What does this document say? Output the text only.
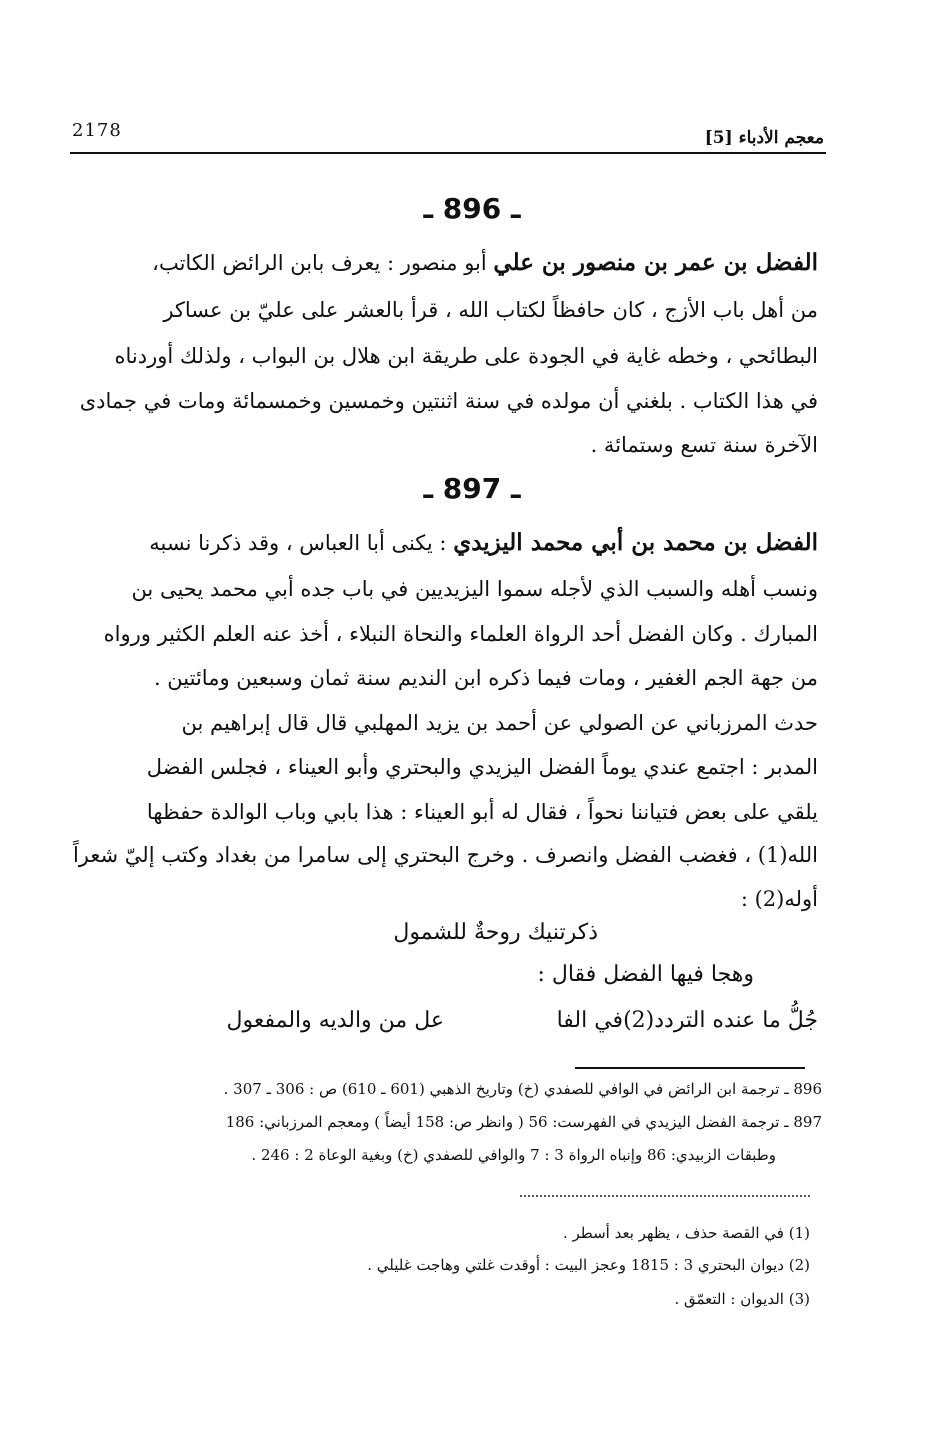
معجم الأدباء [5]
2178
ـ 896 ـ
الفضل بن عمر بن منصور بن علي أبو منصور : يعرف بابن الرائض الكاتب،
من أهل باب الأزج ، كان حافظاً لكتاب الله ، قرأ بالعشر على عليّ بن عساكر
البطائحي ، وخطه غاية في الجودة على طريقة ابن هلال بن البواب ، ولذلك أوردناه
في هذا الكتاب . بلغني أن مولده في سنة اثنتين وخمسين وخمسمائة ومات في جمادى
الآخرة سنة تسع وستمائة .
ـ 897 ـ
الفضل بن محمد بن أبي محمد اليزيدي : يكنى أبا العباس ، وقد ذكرنا نسبه
ونسب أهله والسبب الذي لأجله سموا اليزيديين في باب جده أبي محمد يحيى بن
المبارك . وكان الفضل أحد الرواة العلماء والنحاة النبلاء ، أخذ عنه العلم الكثير ورواه
من جهة الجم الغفير ، ومات فيما ذكره ابن النديم سنة ثمان وسبعين ومائتين .
حدث المرزباني عن الصولي عن أحمد بن يزيد المهلبي قال قال إبراهيم بن
المدبر : اجتمع عندي يوماً الفضل اليزيدي والبحتري وأبو العيناء ، فجلس الفضل
يلقي على بعض فتياننا نحواً ، فقال له أبو العيناء : هذا بابي وباب الوالدة حفظها
الله(1) ، فغضب الفضل وانصرف . وخرج البحتري إلى سامرا من بغداد وكتب إليّ شعراً
أوله(2) :
ذكرتنيك روحةٌ للشمول
وهجا فيها الفضل فقال :
جُلُّ ما عنده التردد(2)في الفا
عل من والديه والمفعول
896 ـ ترجمة ابن الرائض في الوافي للصفدي (خ) وتاريخ الذهبي (601 ـ 610) ص : 306 ـ 307 .
897 ـ ترجمة الفضل اليزيدي في الفهرست: 56 ( وانظر ص: 158 أيضاً ) ومعجم المرزباني: 186
وطبقات الزبيدي: 86 وإنباه الرواة 3 : 7 والوافي للصفدي (خ) وبغية الوعاة 2 : 246 .
(1) في القصة حذف ، يظهر بعد أسطر .
(2) ديوان البحتري 3 : 1815 وعجز البيت : أوقدت غلتي وهاجت غليلي .
(3) الديوان : التعمّق .
